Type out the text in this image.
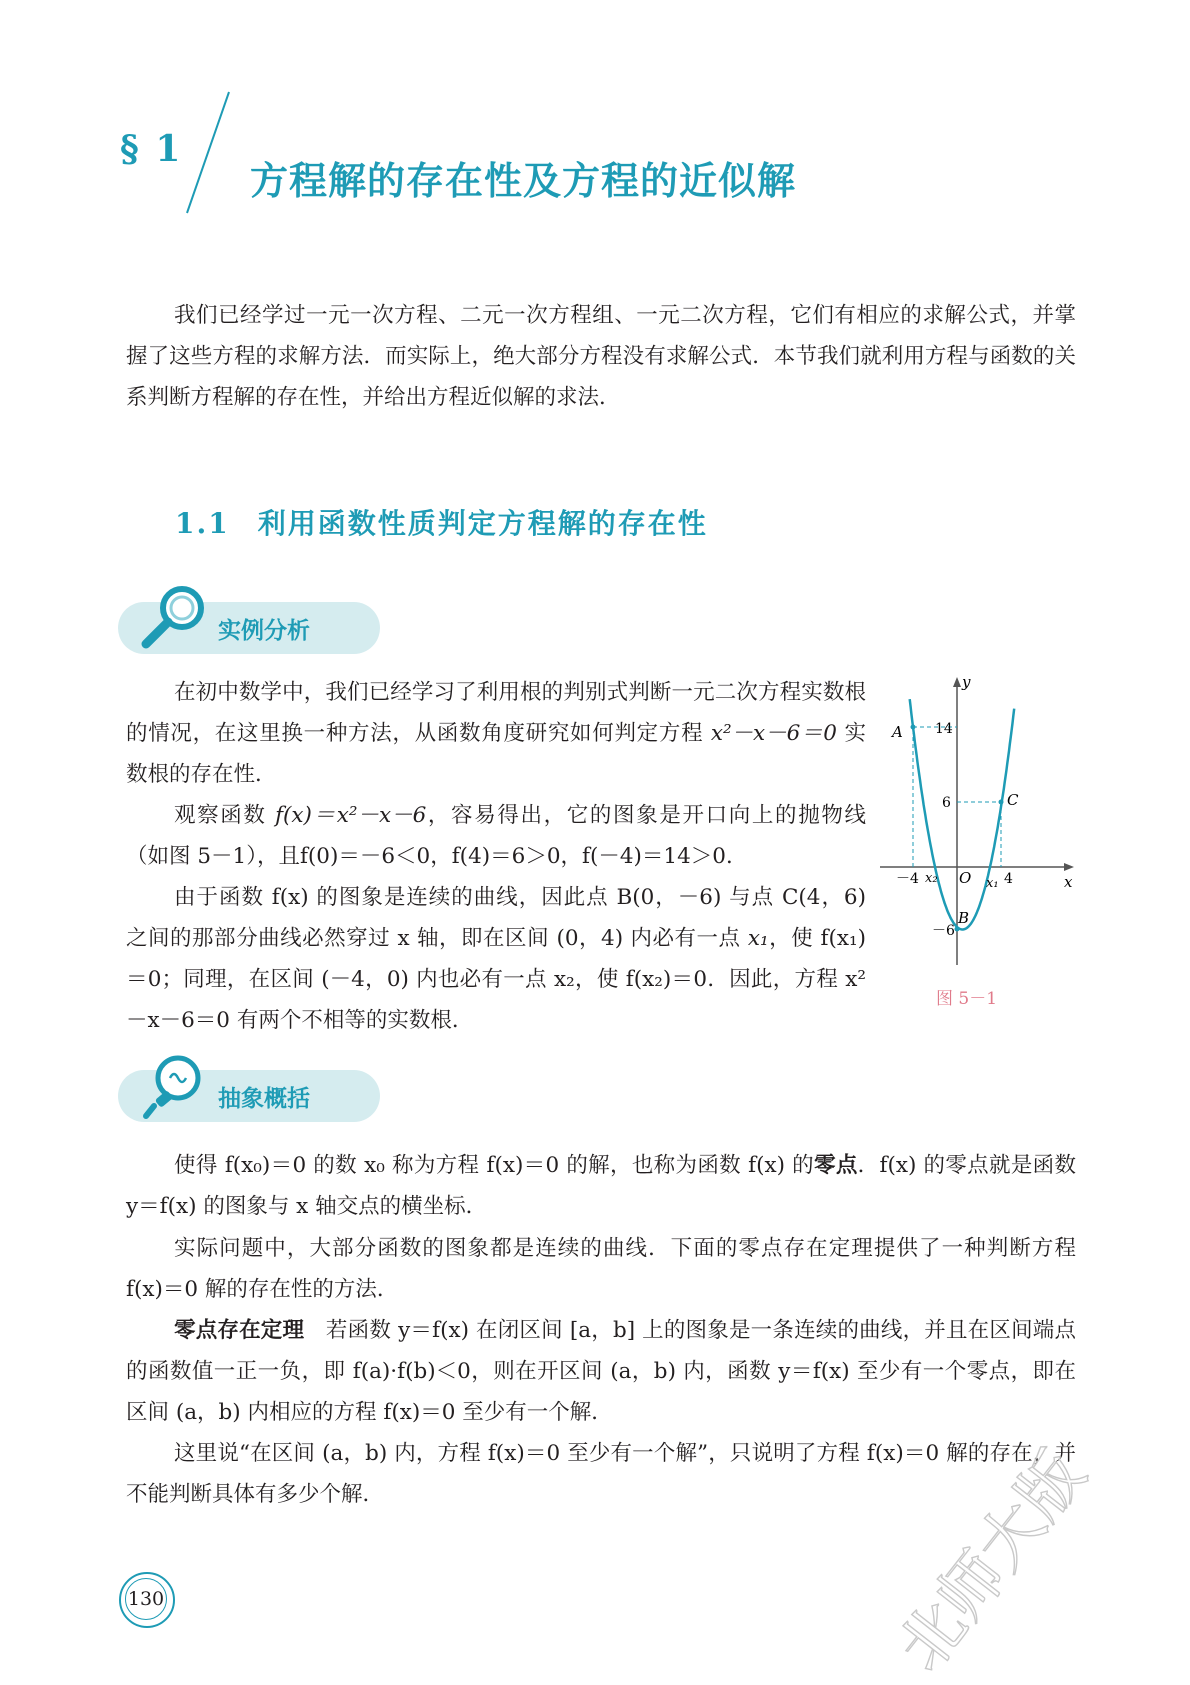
§ 1
方程解的存在性及方程的近似解
我们已经学过一元一次方程、二元一次方程组、一元二次方程，它们有相应的求解公式，并掌握了这些方程的求解方法．而实际上，绝大部分方程没有求解公式．本节我们就利用方程与函数的关系判断方程解的存在性，并给出方程近似解的求法．
1.1 利用函数性质判定方程解的存在性
实例分析
在初中数学中，我们已经学习了利用根的判别式判断一元二次方程实数根的情况，在这里换一种方法，从函数角度研究如何判定方程 x²－x－6＝0 实数根的存在性．
观察函数 f(x)＝x²－x－6，容易得出，它的图象是开口向上的抛物线（如图 5－1），且f(0)＝－6＜0，f(4)＝6＞0，f(－4)＝14＞0．
由于函数 f(x) 的图象是连续的曲线，因此点 B(0，－6) 与点 C(4，6) 之间的那部分曲线必然穿过 x 轴，即在区间 (0，4) 内必有一点 x₁，使 f(x₁)＝0；同理，在区间 (－4，0) 内也必有一点 x₂，使 f(x₂)＝0．因此，方程 x²－x－6＝0 有两个不相等的实数根．
y
x
14
6
－6
－4	4
x₂	x₁
O
A
B
C
图 5－1
抽象概括
使得 f(x₀)＝0 的数 x₀ 称为方程 f(x)＝0 的解，也称为函数 f(x) 的零点．f(x) 的零点就是函数 y＝f(x) 的图象与 x 轴交点的横坐标．
实际问题中，大部分函数的图象都是连续的曲线．下面的零点存在定理提供了一种判断方程 f(x)＝0 解的存在性的方法．
零点存在定理　若函数 y＝f(x) 在闭区间 [a，b] 上的图象是一条连续的曲线，并且在区间端点的函数值一正一负，即 f(a)·f(b)＜0，则在开区间 (a，b) 内，函数 y＝f(x) 至少有一个零点，即在区间 (a，b) 内相应的方程 f(x)＝0 至少有一个解．
这里说“在区间 (a，b) 内，方程 f(x)＝0 至少有一个解”，只说明了方程 f(x)＝0 解的存在，并不能判断具体有多少个解．
130	北师大版
